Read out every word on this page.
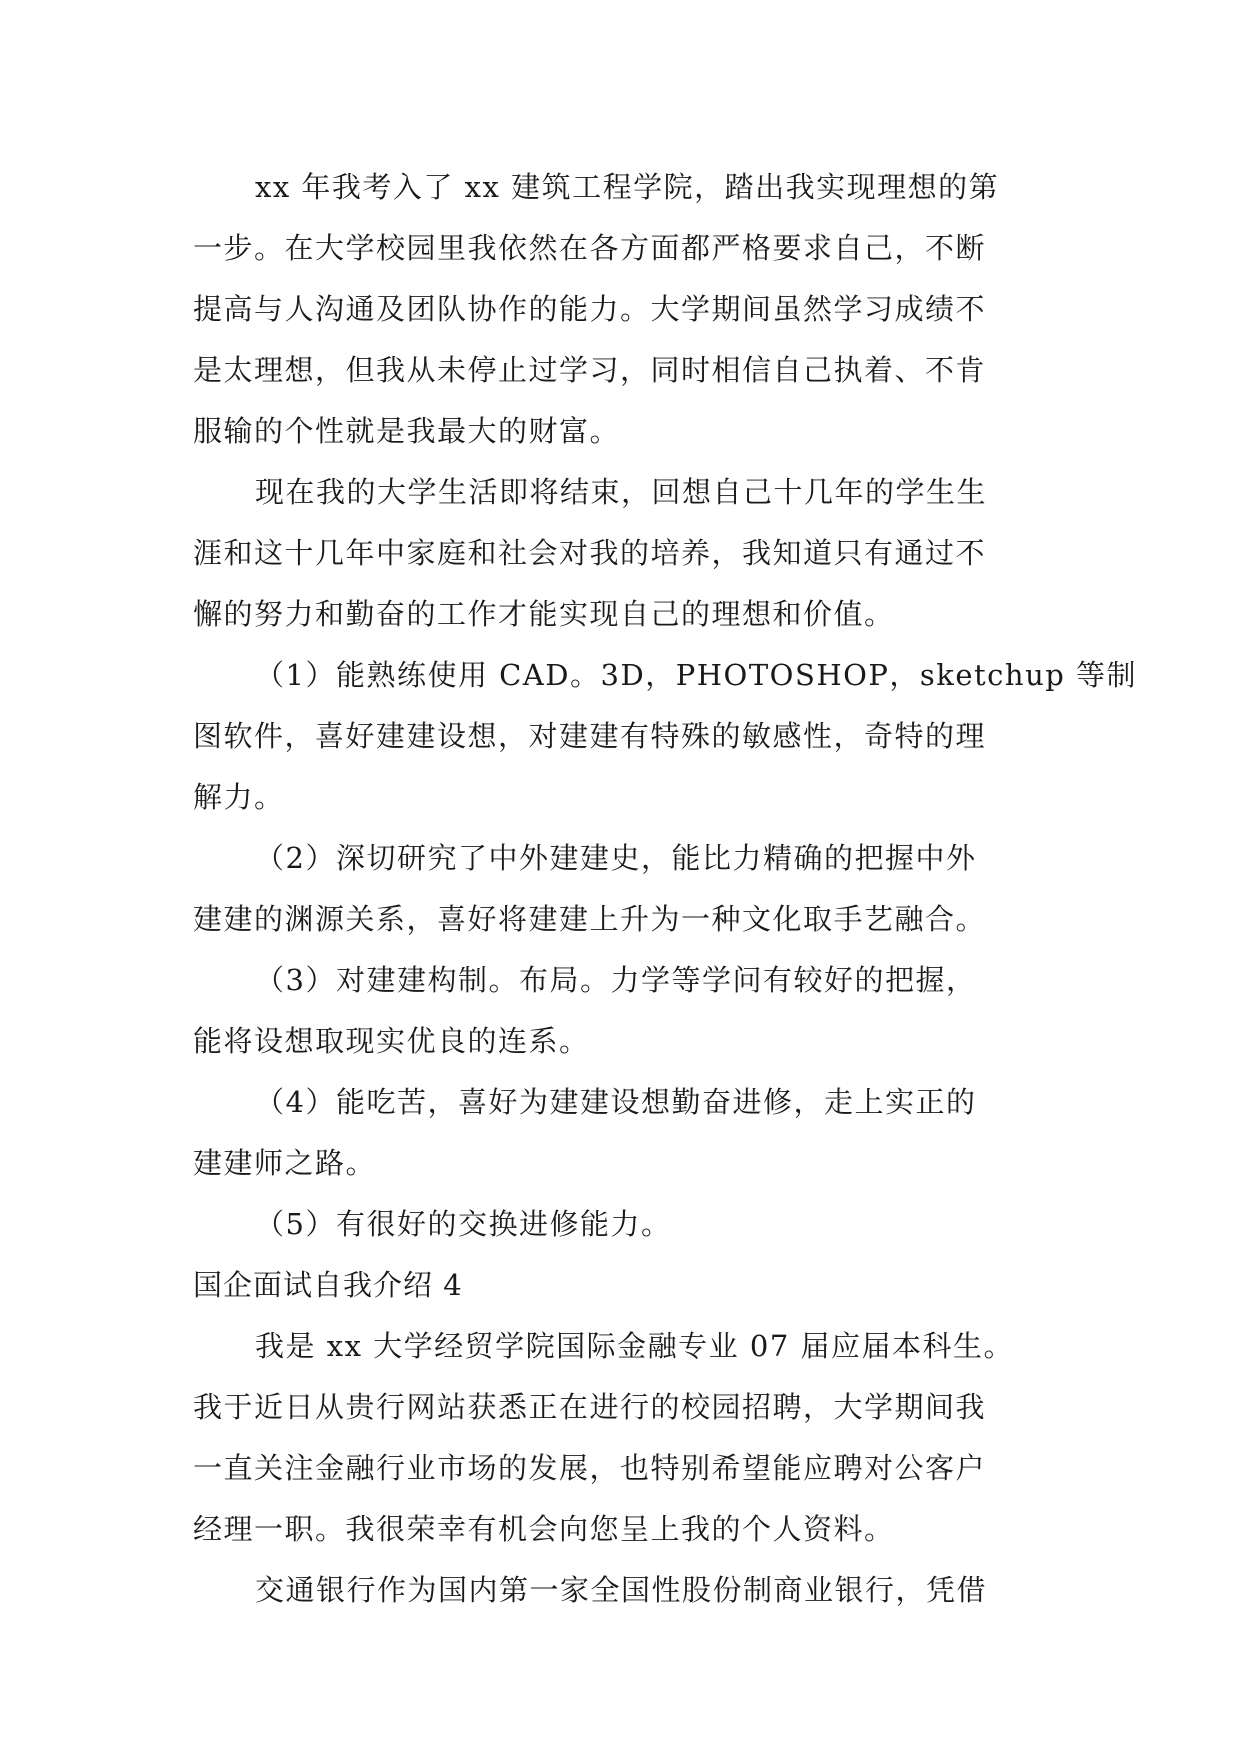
xx 年我考入了 xx 建筑工程学院，踏出我实现理想的第
一步。在大学校园里我依然在各方面都严格要求自己，不断
提高与人沟通及团队协作的能力。大学期间虽然学习成绩不
是太理想，但我从未停止过学习，同时相信自己执着、不肯
服输的个性就是我最大的财富。
现在我的大学生活即将结束，回想自己十几年的学生生
涯和这十几年中家庭和社会对我的培养，我知道只有通过不
懈的努力和勤奋的工作才能实现自己的理想和价值。
（1）能熟练使用 CAD。3D，PHOTOSHOP，sketchup 等制
图软件，喜好建建设想，对建建有特殊的敏感性，奇特的理
解力。
（2）深切研究了中外建建史，能比力精确的把握中外
建建的渊源关系，喜好将建建上升为一种文化取手艺融合。
（3）对建建构制。布局。力学等学问有较好的把握，
能将设想取现实优良的连系。
（4）能吃苦，喜好为建建设想勤奋进修，走上实正的
建建师之路。
（5）有很好的交换进修能力。
国企面试自我介绍 4
我是 xx 大学经贸学院国际金融专业 07 届应届本科生。
我于近日从贵行网站获悉正在进行的校园招聘，大学期间我
一直关注金融行业市场的发展，也特别希望能应聘对公客户
经理一职。我很荣幸有机会向您呈上我的个人资料。
交通银行作为国内第一家全国性股份制商业银行，凭借
